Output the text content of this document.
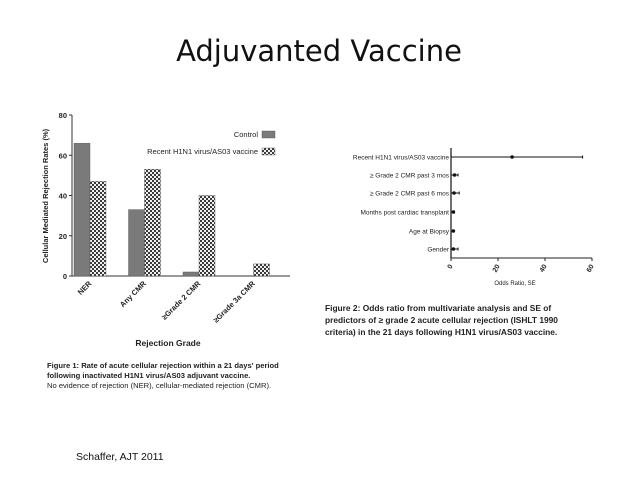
Adjuvanted Vaccine
0
20
40
60
80
NER	Any CMR ≥Grade 2 CMR ≥Grade 3a CMR
Control
Recent H1N1 virus/AS03 vaccine
Cellular Mediated Rejection Rates (%)
Rejection Grade
Recent H1N1 virus/AS03 vaccine
≥ Grade 2 CMR past 3 mos
≥ Grade 2 CMR past 6 mos
Months post cardiac transplant
Age at Biopsy
Gender
0	20	40	60
Odds Ratio, SE
Figure 1: Rate of acute cellular rejection within a 21 days' period following inactivated H1N1 virus/AS03 adjuvant vaccine.
No evidence of rejection (NER), cellular-mediated rejection (CMR).
Figure 2: Odds ratio from multivariate analysis and SE of predictors of ≥ grade 2 acute cellular rejection (ISHLT 1990 criteria) in the 21 days following H1N1 virus/AS03 vaccine.
Schaffer, AJT 2011
